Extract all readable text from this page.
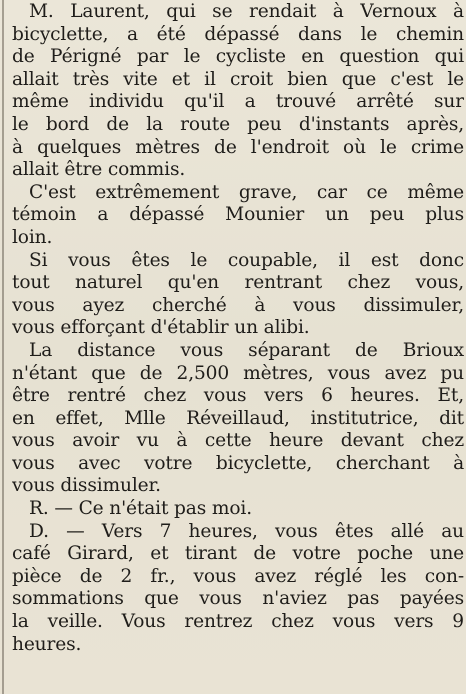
M. Laurent, qui se rendait à Vernoux à
bicyclette, a été dépassé dans le chemin
de Périgné par le cycliste en question qui
allait très vite et il croit bien que c'est le
même individu qu'il a trouvé arrêté sur
le bord de la route peu d'instants après,
à quelques mètres de l'endroit où le crime
allait être commis.
C'est extrêmement grave, car ce même
témoin a dépassé Mounier un peu plus
loin.
Si vous êtes le coupable, il est donc
tout naturel qu'en rentrant chez vous,
vous ayez cherché à vous dissimuler,
vous efforçant d'établir un alibi.
La distance vous séparant de Brioux
n'étant que de 2,500 mètres, vous avez pu
être rentré chez vous vers 6 heures. Et,
en effet, Mlle Réveillaud, institutrice, dit
vous avoir vu à cette heure devant chez
vous avec votre bicyclette, cherchant à
vous dissimuler.
R. — Ce n'était pas moi.
D. — Vers 7 heures, vous êtes allé au
café Girard, et tirant de votre poche une
pièce de 2 fr., vous avez réglé les con-
sommations que vous n'aviez pas payées
la veille. Vous rentrez chez vous vers 9
heures.
